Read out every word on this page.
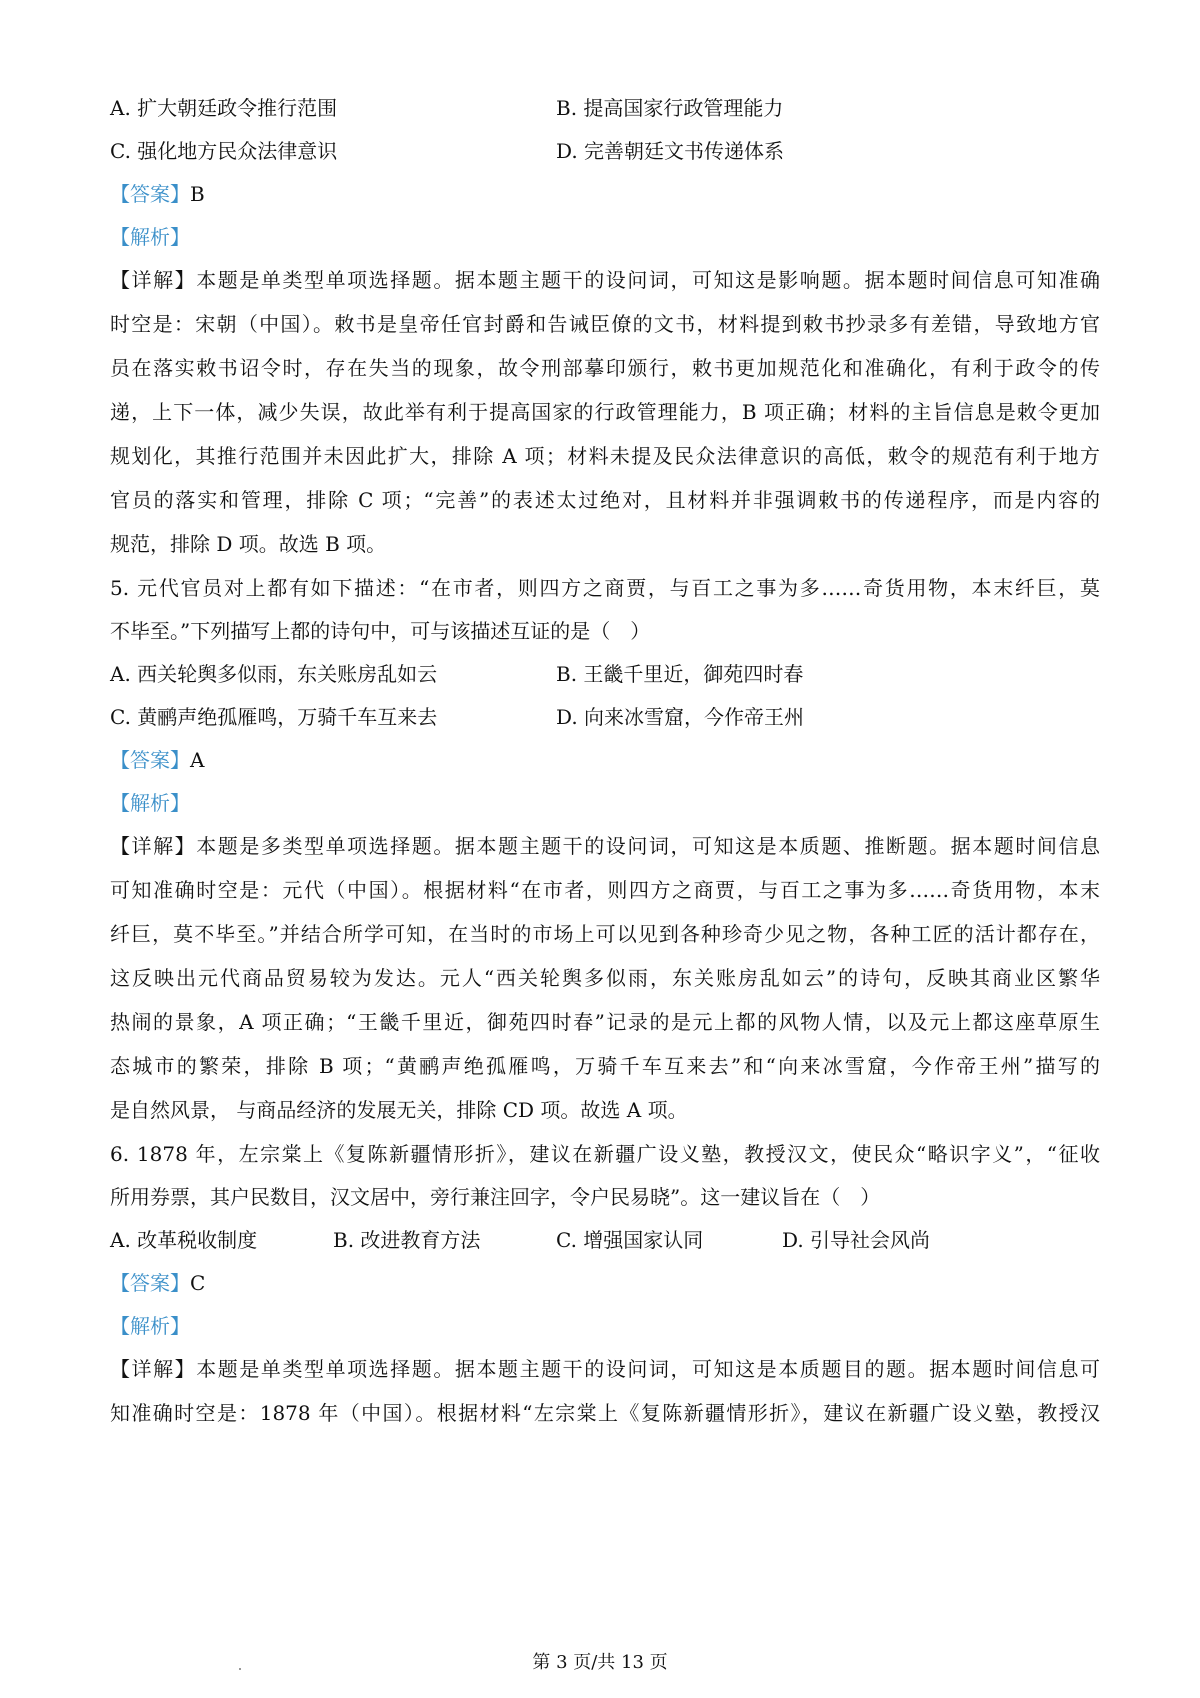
A. 扩大朝廷政令推行范围	B. 提高国家行政管理能力
C. 强化地方民众法律意识	D. 完善朝廷文书传递体系
【答案】B
【解析】
【详解】本题是单类型单项选择题。据本题主题干的设问词，可知这是影响题。据本题时间信息可知准确
时空是：宋朝（中国）。敕书是皇帝任官封爵和告诫臣僚的文书，材料提到敕书抄录多有差错，导致地方官
员在落实敕书诏令时，存在失当的现象，故令刑部摹印颁行，敕书更加规范化和准确化，有利于政令的传
递，上下一体，减少失误，故此举有利于提高国家的行政管理能力，B 项正确；材料的主旨信息是敕令更加
规划化，其推行范围并未因此扩大，排除 A 项；材料未提及民众法律意识的高低，敕令的规范有利于地方
官员的落实和管理，排除 C 项；“完善”的表述太过绝对，且材料并非强调敕书的传递程序，而是内容的
规范，排除 D 项。故选 B 项。
5. 元代官员对上都有如下描述：“在市者，则四方之商贾，与百工之事为多……奇货用物，本末纤巨，莫
不毕至。”下列描写上都的诗句中，可与该描述互证的是（　）
A. 西关轮舆多似雨，东关账房乱如云	B. 王畿千里近，御苑四时春
C. 黄鹂声绝孤雁鸣，万骑千车互来去	D. 向来冰雪窟，今作帝王州
【答案】A
【解析】
【详解】本题是多类型单项选择题。据本题主题干的设问词，可知这是本质题、推断题。据本题时间信息
可知准确时空是：元代（中国）。根据材料“在市者，则四方之商贾，与百工之事为多……奇货用物，本末
纤巨，莫不毕至。”并结合所学可知，在当时的市场上可以见到各种珍奇少见之物，各种工匠的活计都存在，
这反映出元代商品贸易较为发达。元人“西关轮舆多似雨，东关账房乱如云”的诗句，反映其商业区繁华
热闹的景象，A 项正确；“王畿千里近，御苑四时春”记录的是元上都的风物人情，以及元上都这座草原生
态城市的繁荣，排除 B 项；“黄鹂声绝孤雁鸣，万骑千车互来去”和“向来冰雪窟，今作帝王州”描写的
是自然风景， 与商品经济的发展无关，排除 CD 项。故选 A 项。
6. 1878 年，左宗棠上《复陈新疆情形折》，建议在新疆广设义塾，教授汉文，使民众“略识字义”，“征收
所用券票，其户民数目，汉文居中，旁行兼注回字，令户民易晓”。这一建议旨在（　）
A. 改革税收制度	B. 改进教育方法	C. 增强国家认同	D. 引导社会风尚
【答案】C
【解析】
【详解】本题是单类型单项选择题。据本题主题干的设问词，可知这是本质题目的题。据本题时间信息可
知准确时空是：1878 年（中国）。根据材料“左宗棠上《复陈新疆情形折》，建议在新疆广设义塾，教授汉
第 3 页/共 13 页
